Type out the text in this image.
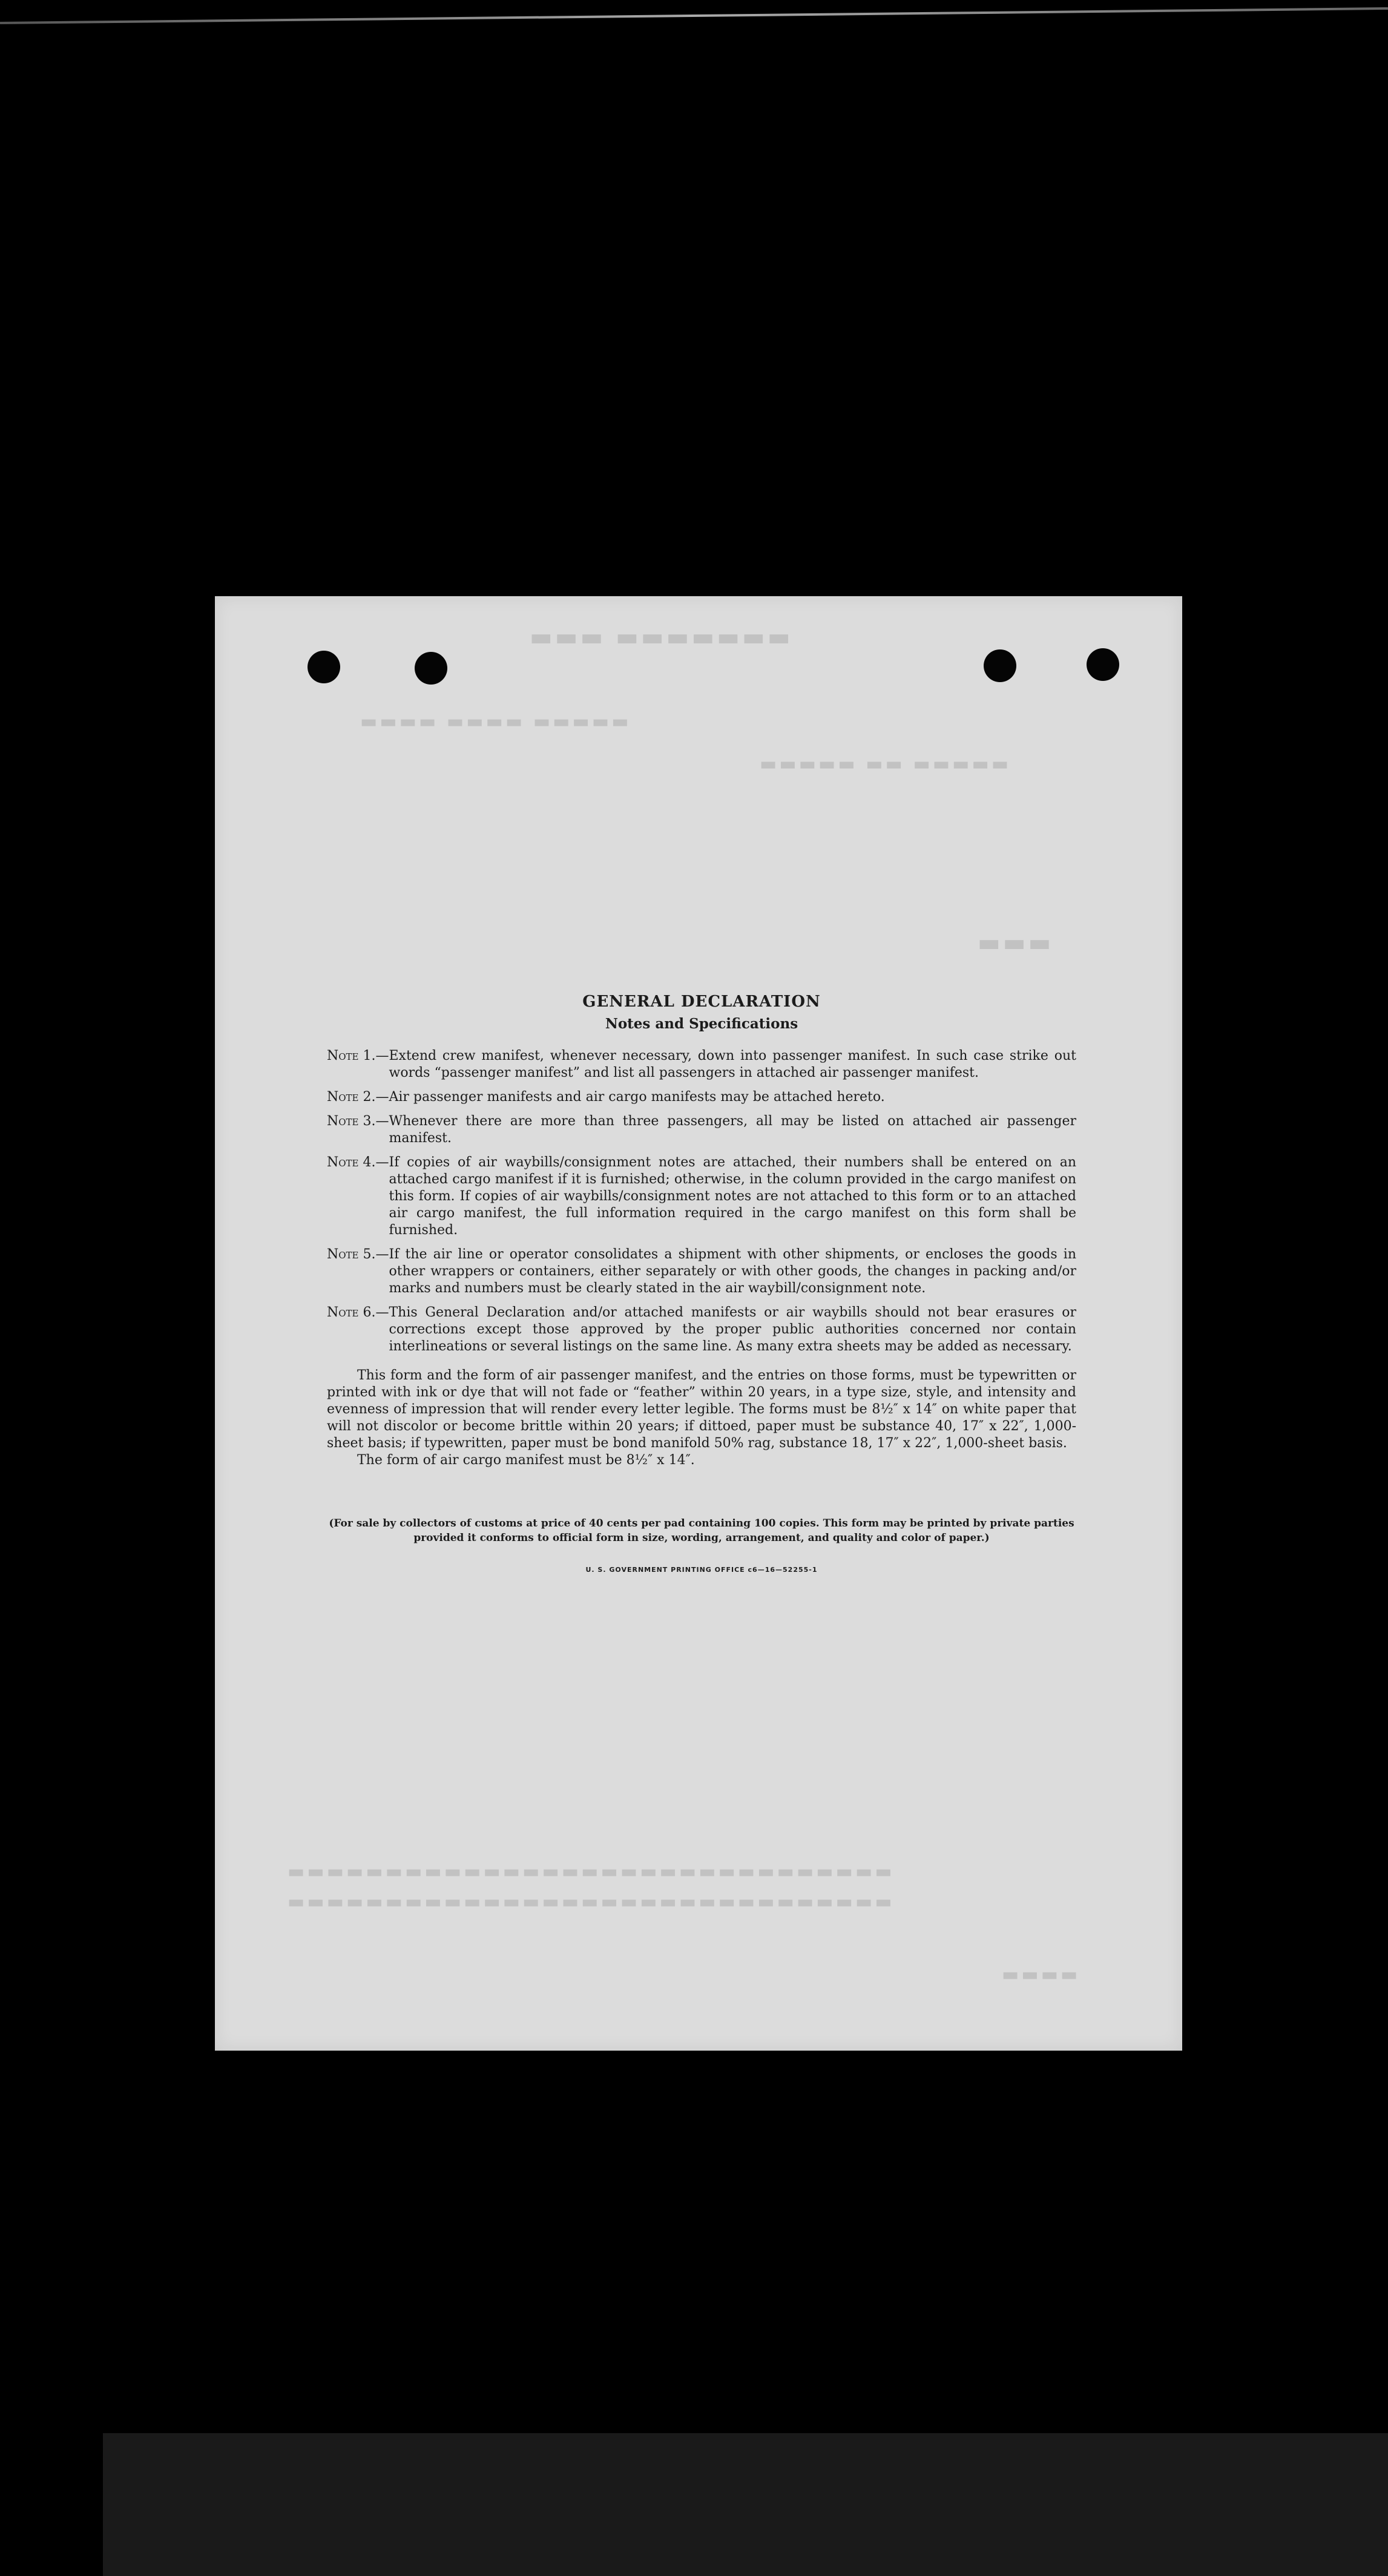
▬▬▬ ▬▬▬▬▬▬▬
▬▬▬▬ ▬▬▬▬ ▬▬▬▬▬
▬▬▬▬▬ ▬▬ ▬▬▬▬▬
▬▬▬
▬▬▬▬▬▬▬▬▬▬▬▬▬▬▬▬▬▬▬▬▬▬▬▬▬▬▬▬▬▬▬
▬▬▬▬▬▬▬▬▬▬▬▬▬▬▬▬▬▬▬▬▬▬▬▬▬▬▬▬▬▬▬
▬▬▬▬
GENERAL DECLARATION
Notes and Specifications
Note 1.— Extend crew manifest, whenever necessary, down into passenger manifest. In such case strike out words “passenger manifest” and list all passengers in attached air passenger manifest.
Note 2.— Air passenger manifests and air cargo manifests may be attached hereto.
Note 3.— Whenever there are more than three passengers, all may be listed on attached air passenger manifest.
Note 4.— If copies of air waybills/consignment notes are attached, their numbers shall be entered on an attached cargo manifest if it is furnished; otherwise, in the column provided in the cargo manifest on this form. If copies of air waybills/consignment notes are not attached to this form or to an attached air cargo manifest, the full information required in the cargo manifest on this form shall be furnished.
Note 5.— If the air line or operator consolidates a shipment with other shipments, or encloses the goods in other wrappers or containers, either separately or with other goods, the changes in packing and/or marks and numbers must be clearly stated in the air waybill/consignment note.
Note 6.— This General Declaration and/or attached manifests or air waybills should not bear erasures or corrections except those approved by the proper public authorities concerned nor contain interlineations or several listings on the same line. As many extra sheets may be added as necessary.
This form and the form of air passenger manifest, and the entries on those forms, must be typewritten or printed with ink or dye that will not fade or “feather” within 20 years, in a type size, style, and intensity and evenness of impression that will render every letter legible. The forms must be 8½″ x 14″ on white paper that will not discolor or become brittle within 20 years; if dittoed, paper must be substance 40, 17″ x 22″, 1,000-sheet basis; if typewritten, paper must be bond manifold 50% rag, substance 18, 17″ x 22″, 1,000-sheet basis.
The form of air cargo manifest must be 8½″ x 14″.
(For sale by collectors of customs at price of 40 cents per pad containing 100 copies. This form may be printed by private parties provided it conforms to official form in size, wording, arrangement, and quality and color of paper.)
U. S. GOVERNMENT PRINTING OFFICE c6—16—52255-1
